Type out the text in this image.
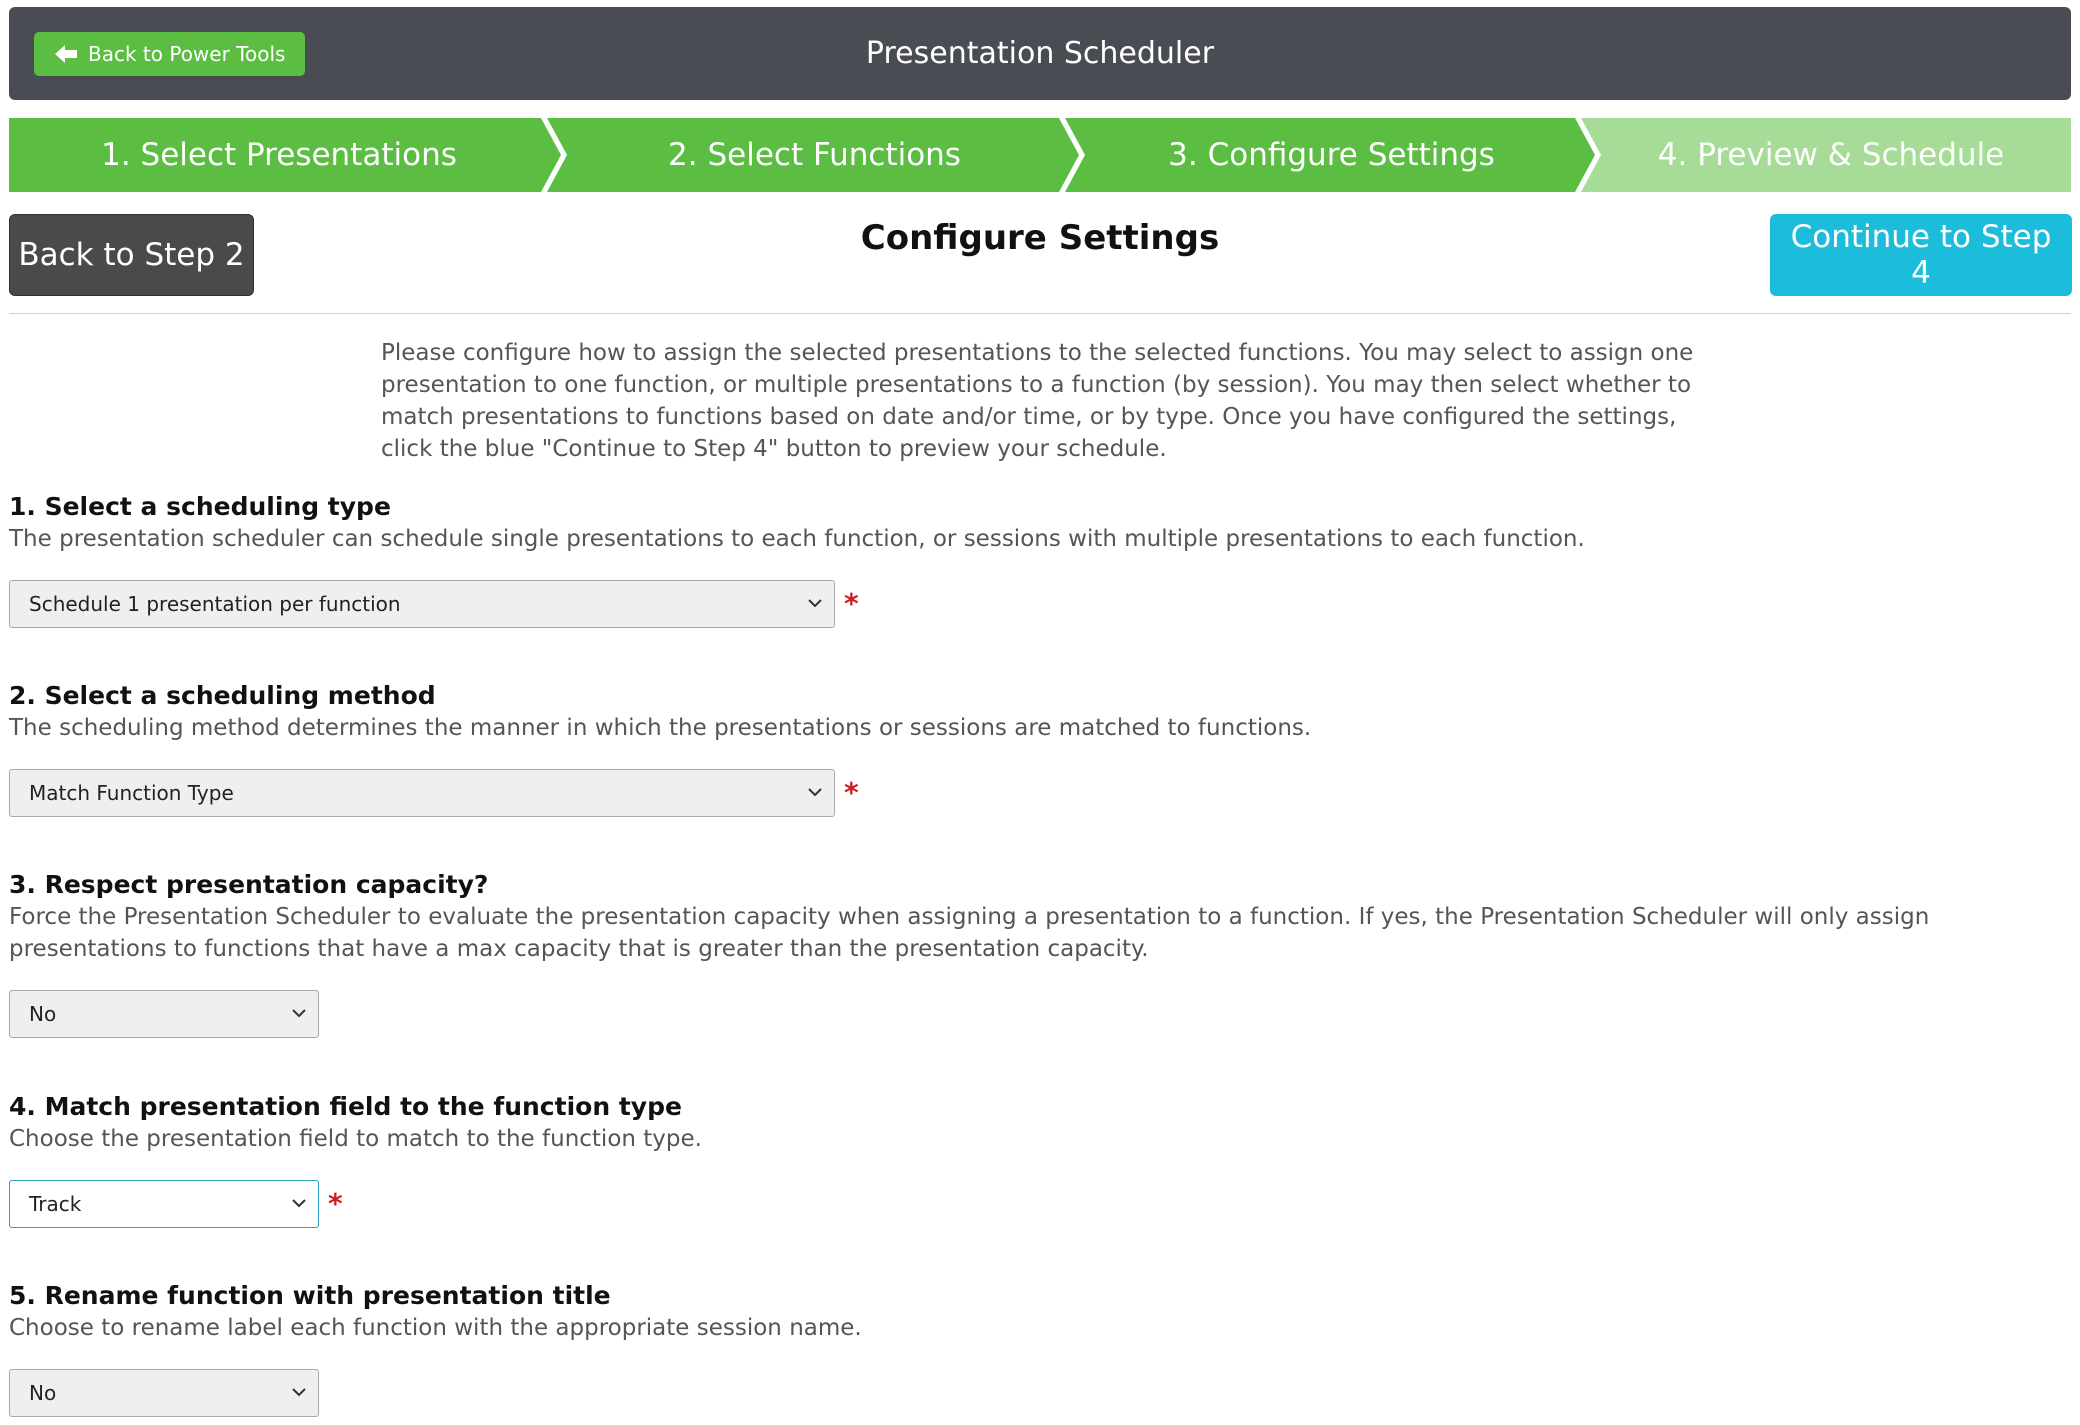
Presentation Scheduler
Back to Power Tools
1. Select Presentations	2. Select Functions	3. Configure Settings	4. Preview & Schedule
Back to Step 2	Configure Settings	Continue to Step 4
Please configure how to assign the selected presentations to the selected functions. You may select to assign one presentation to one function, or multiple presentations to a function (by session). You may then select whether to match presentations to functions based on date and/or time, or by type. Once you have configured the settings, click the blue "Continue to Step 4" button to preview your schedule.
1. Select a scheduling type
The presentation scheduler can schedule single presentations to each function, or sessions with multiple presentations to each function.
Schedule 1 presentation per function	*
2. Select a scheduling method
The scheduling method determines the manner in which the presentations or sessions are matched to functions.
Match Function Type	*
3. Respect presentation capacity?
Force the Presentation Scheduler to evaluate the presentation capacity when assigning a presentation to a function. If yes, the Presentation Scheduler will only assign presentations to functions that have a max capacity that is greater than the presentation capacity.
No
4. Match presentation field to the function type
Choose the presentation field to match to the function type.
Track	*
5. Rename function with presentation title
Choose to rename label each function with the appropriate session name.
No
